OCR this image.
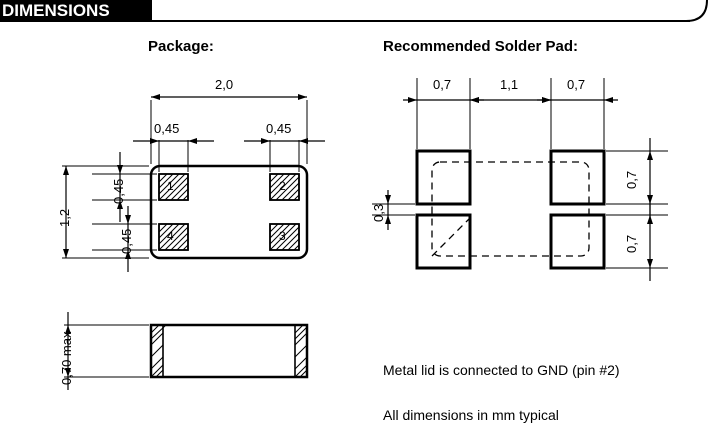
DIMENSIONS
Package:	Recommended Solder Pad:
2,0
0,45	0,45
1,2
0,45
0,45
1	2
4	3
0,70 max
0,7	1,1	0,7
0,7
0,7
0,3
Metal lid is connected to GND (pin #2)
All dimensions in mm typical
